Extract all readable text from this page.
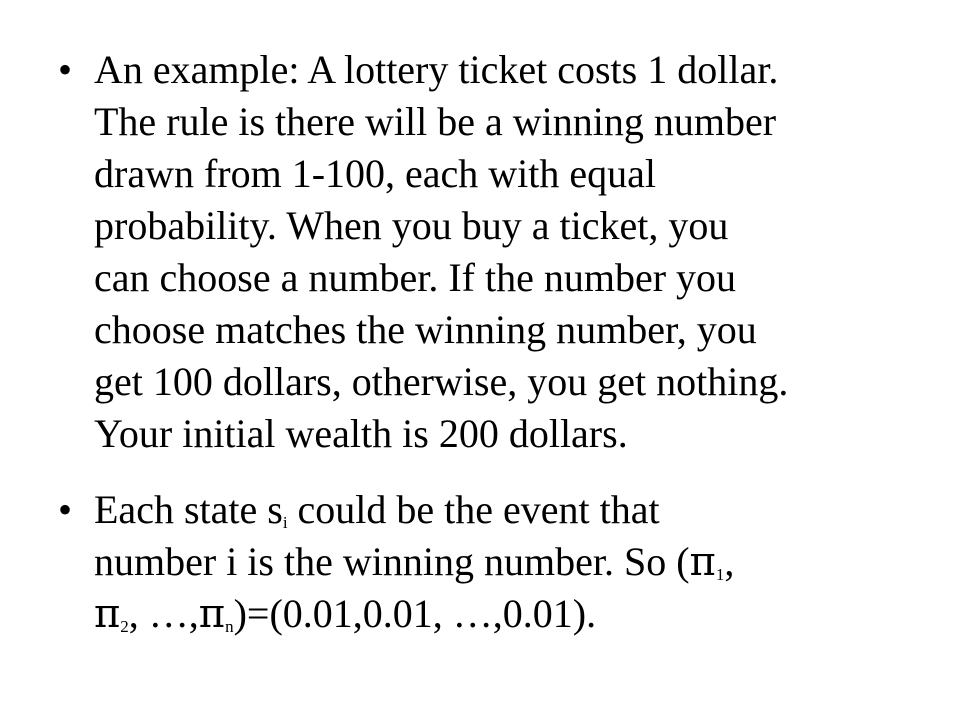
• An example: A lottery ticket costs 1 dollar.
The rule is there will be a winning number
drawn from 1-100, each with equal
probability. When you buy a ticket, you
can choose a number. If the number you
choose matches the winning number, you
get 100 dollars, otherwise, you get nothing.
Your initial wealth is 200 dollars.
• Each state $s_i$ could be the event that
number i is the winning number. So ($\pi_1$,
$\pi_2$, $\dots,\pi_n)=(0.01,0.01$, …,0.01).
